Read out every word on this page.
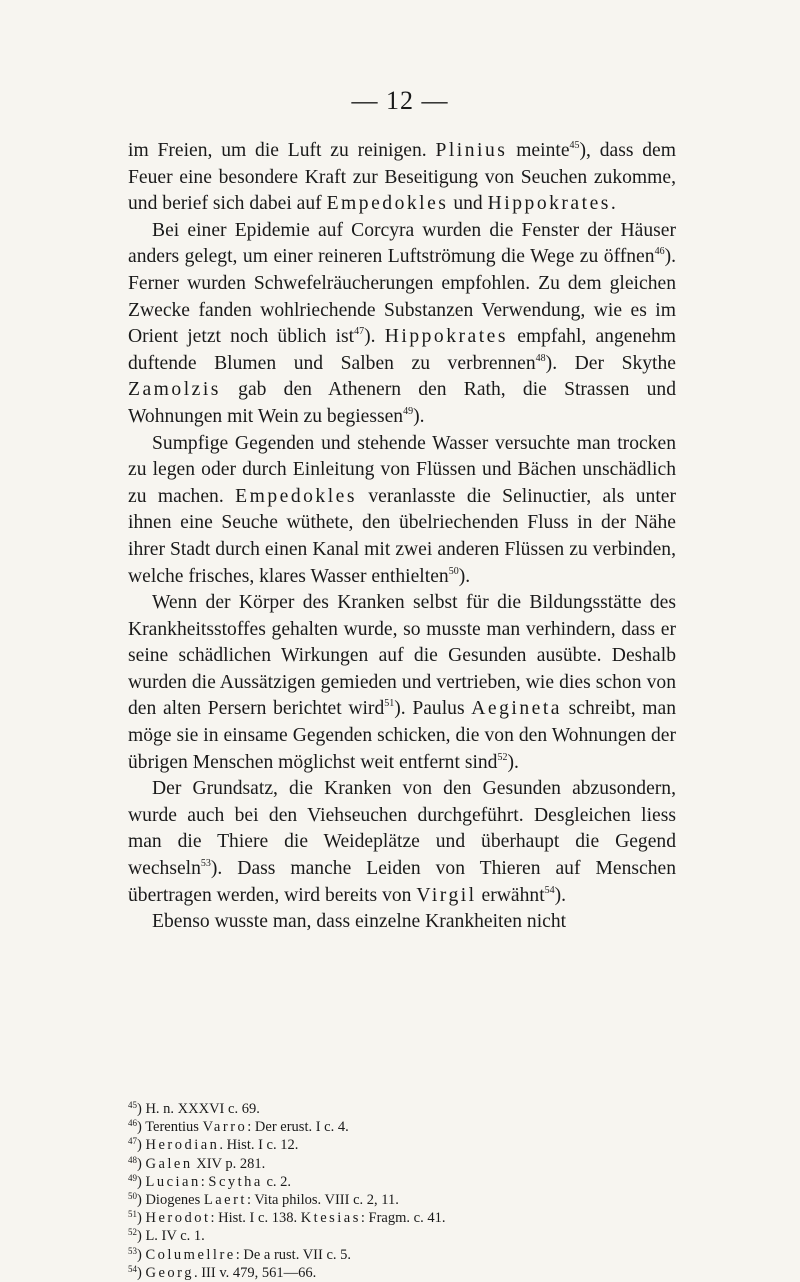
— 12 —

im Freien, um die Luft zu reinigen. Plinius meinte$^{45}$), dass dem Feuer eine besondere Kraft zur Beseitigung von Seuchen zukomme, und berief sich dabei auf Empedokles und Hippokrates.

Bei einer Epidemie auf Corcyra wurden die Fenster der Häuser anders gelegt, um einer reineren Luftströmung die Wege zu öffnen$^{46}$). Ferner wurden Schwefelräucherungen empfohlen. Zu dem gleichen Zwecke fanden wohlriechende Substanzen Verwendung, wie es im Orient jetzt noch üblich ist$^{47}$). Hippokrates empfahl, angenehm duftende Blumen und Salben zu verbrennen$^{48}$). Der Skythe Zamolzis gab den Athenern den Rath, die Strassen und Wohnungen mit Wein zu begiessen$^{49}$).

Sumpfige Gegenden und stehende Wasser versuchte man trocken zu legen oder durch Einleitung von Flüssen und Bächen unschädlich zu machen. Empedokles veranlasste die Selinuctier, als unter ihnen eine Seuche wüthete, den übelriechenden Fluss in der Nähe ihrer Stadt durch einen Kanal mit zwei anderen Flüssen zu verbinden, welche frisches, klares Wasser enthielten$^{50}$).

Wenn der Körper des Kranken selbst für die Bildungsstätte des Krankheitsstoffes gehalten wurde, so musste man verhindern, dass er seine schädlichen Wirkungen auf die Gesunden ausübte. Deshalb wurden die Aussätzigen gemieden und vertrieben, wie dies schon von den alten Persern berichtet wird$^{51}$). Paulus Aegineta schreibt, man möge sie in einsame Gegenden schicken, die von den Wohnungen der übrigen Menschen möglichst weit entfernt sind$^{52}$).

Der Grundsatz, die Kranken von den Gesunden abzusondern, wurde auch bei den Viehseuchen durchgeführt. Desgleichen liess man die Thiere die Weideplätze und überhaupt die Gegend wechseln$^{53}$). Dass manche Leiden von Thieren auf Menschen übertragen werden, wird bereits von Virgil erwähnt$^{54}$).

Ebenso wusste man, dass einzelne Krankheiten nicht

$^{45}$) H. n. XXXVI c. 69.
$^{46}$) Terentius Varro: Der erust. I c. 4.
$^{47}$) Herodian. Hist. I c. 12.
$^{48}$) Galen XIV p. 281.
$^{49}$) Lucian: Scytha c. 2.
$^{50}$) Diogenes Laert: Vita philos. VIII c. 2, 11.
$^{51}$) Herodot: Hist. I c. 138. Ktesias: Fragm. c. 41.
$^{52}$) L. IV c. 1.
$^{53}$) Columellre: De a rust. VII c. 5.
$^{54}$) Georg. III v. 479, 561—66.
